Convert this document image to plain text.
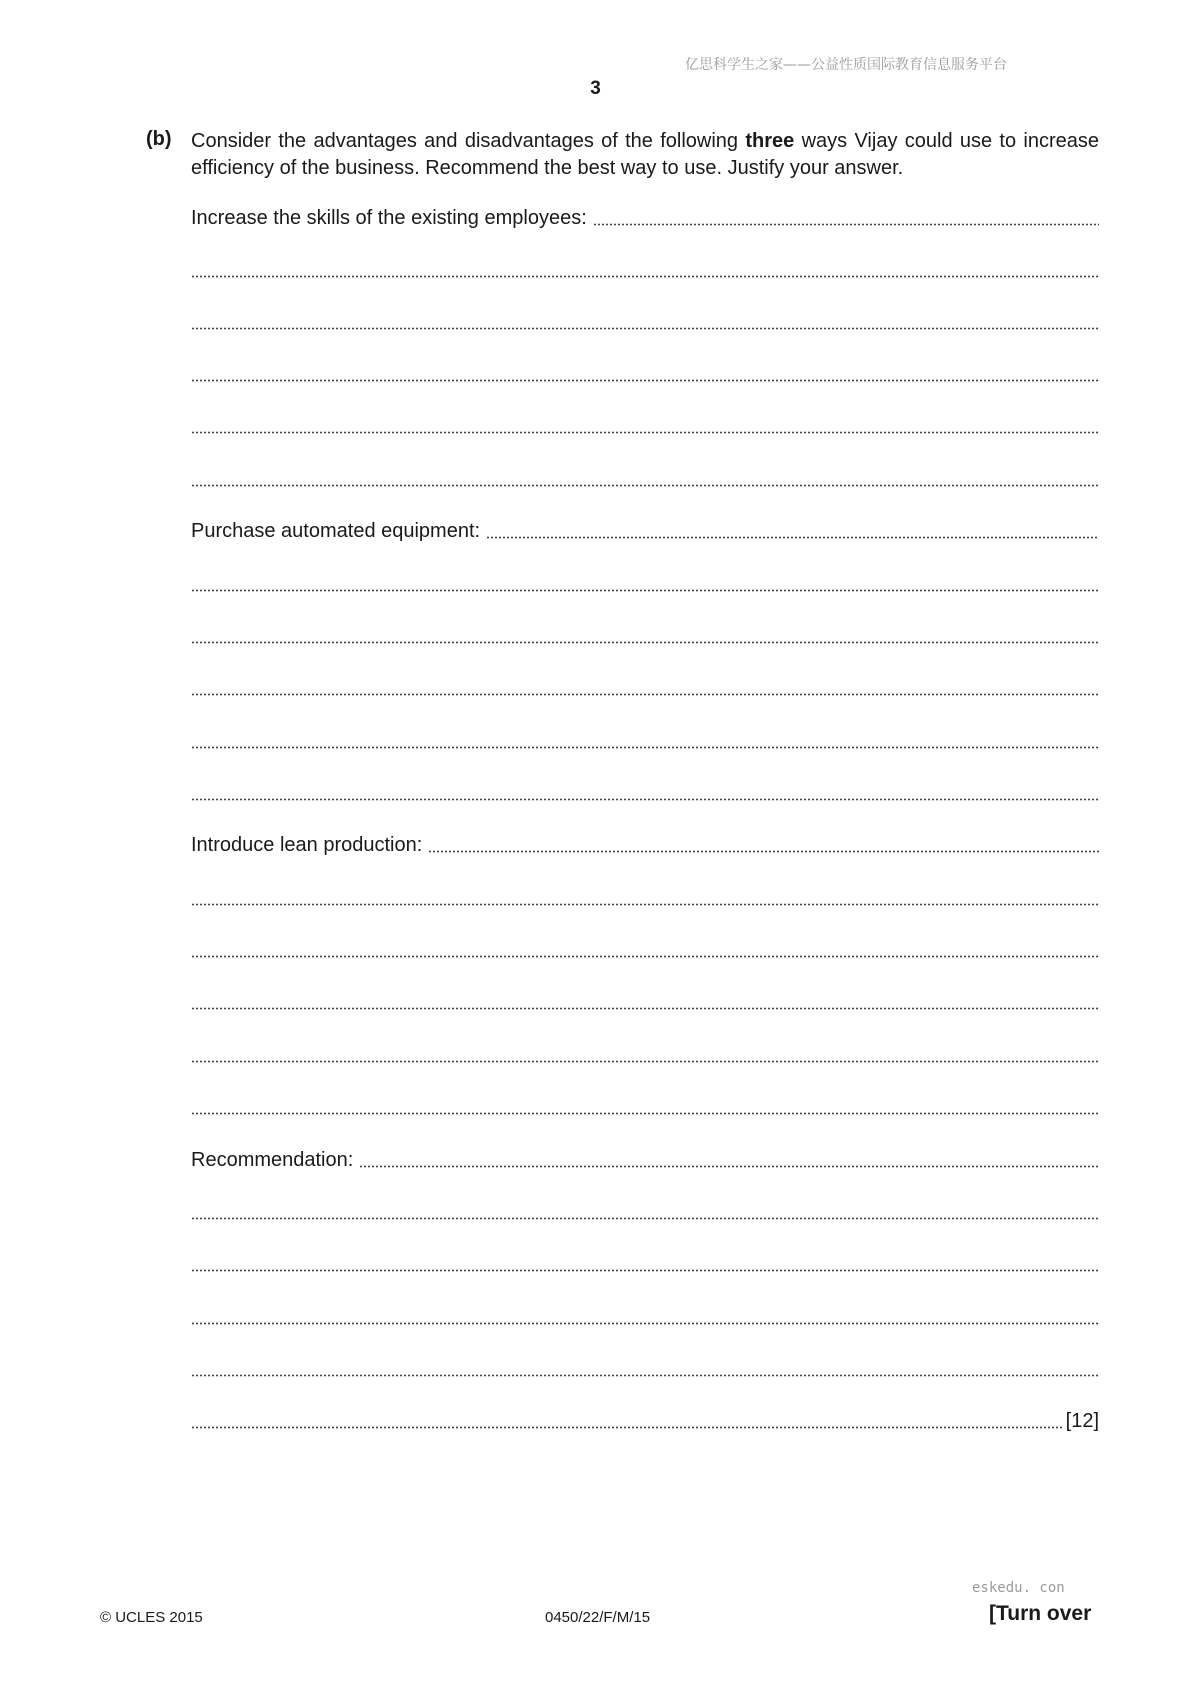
亿思科学生之家——公益性质国际教育信息服务平台
3
(b) Consider the advantages and disadvantages of the following three ways Vijay could use to increase efficiency of the business. Recommend the best way to use. Justify your answer.
Increase the skills of the existing employees:
Purchase automated equipment:
Introduce lean production:
Recommendation:
[12]
eskedu. con
© UCLES 2015	0450/22/F/M/15	[Turn over
